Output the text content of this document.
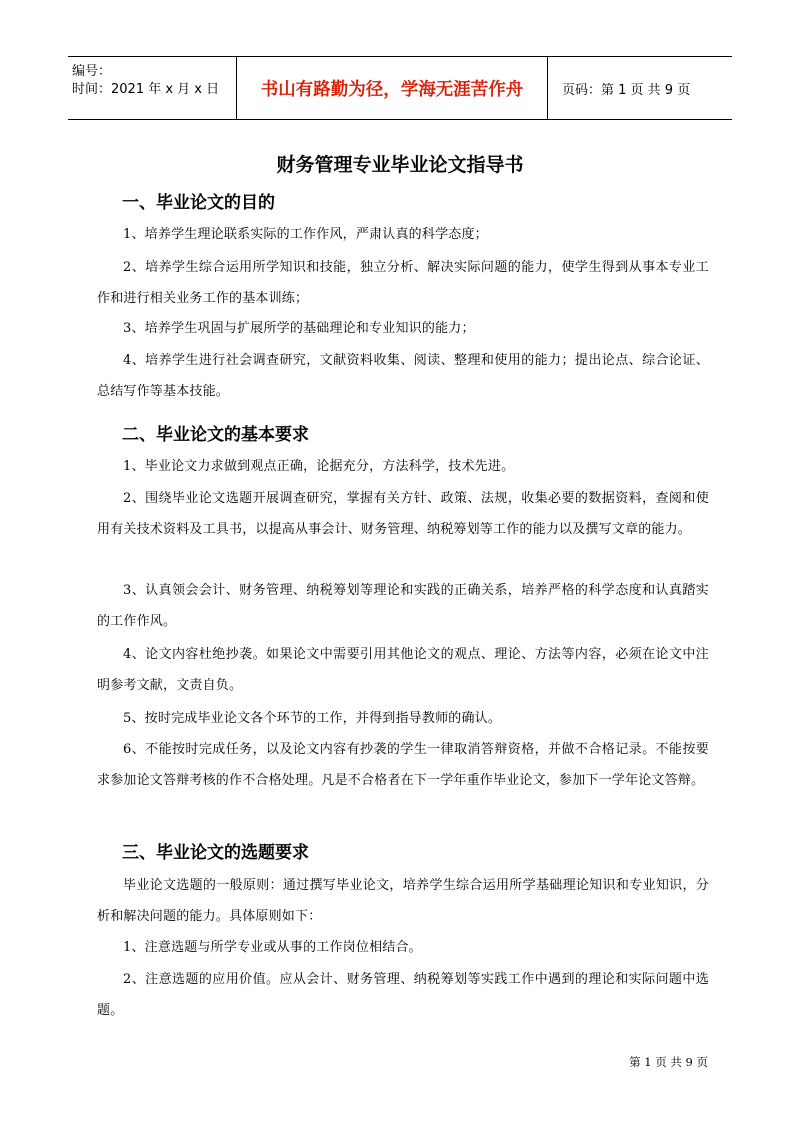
编号：
时间：2021 年 x 月 x 日	书山有路勤为径，学海无涯苦作舟	页码：第 1 页 共 9 页
财务管理专业毕业论文指导书
一、毕业论文的目的
1、培养学生理论联系实际的工作作风，严肃认真的科学态度；
2、培养学生综合运用所学知识和技能，独立分析、解决实际问题的能力，使学生得到从事本专业工作和进行相关业务工作的基本训练；
3、培养学生巩固与扩展所学的基础理论和专业知识的能力；
4、培养学生进行社会调查研究，文献资料收集、阅读、整理和使用的能力；提出论点、综合论证、总结写作等基本技能。
二、毕业论文的基本要求
1、毕业论文力求做到观点正确，论据充分，方法科学，技术先进。
2、围绕毕业论文选题开展调查研究，掌握有关方针、政策、法规，收集必要的数据资料，查阅和使用有关技术资料及工具书，以提高从事会计、财务管理、纳税筹划等工作的能力以及撰写文章的能力。
3、认真领会会计、财务管理、纳税筹划等理论和实践的正确关系，培养严格的科学态度和认真踏实的工作作风。
4、论文内容杜绝抄袭。如果论文中需要引用其他论文的观点、理论、方法等内容，必须在论文中注明参考文献，文责自负。
5、按时完成毕业论文各个环节的工作，并得到指导教师的确认。
6、不能按时完成任务，以及论文内容有抄袭的学生一律取消答辩资格，并做不合格记录。不能按要求参加论文答辩考核的作不合格处理。凡是不合格者在下一学年重作毕业论文，参加下一学年论文答辩。
三、毕业论文的选题要求
毕业论文选题的一般原则：通过撰写毕业论文，培养学生综合运用所学基础理论知识和专业知识，分析和解决问题的能力。具体原则如下：
1、注意选题与所学专业或从事的工作岗位相结合。
2、注意选题的应用价值。应从会计、财务管理、纳税筹划等实践工作中遇到的理论和实际问题中选题。
第 1 页 共 9 页
